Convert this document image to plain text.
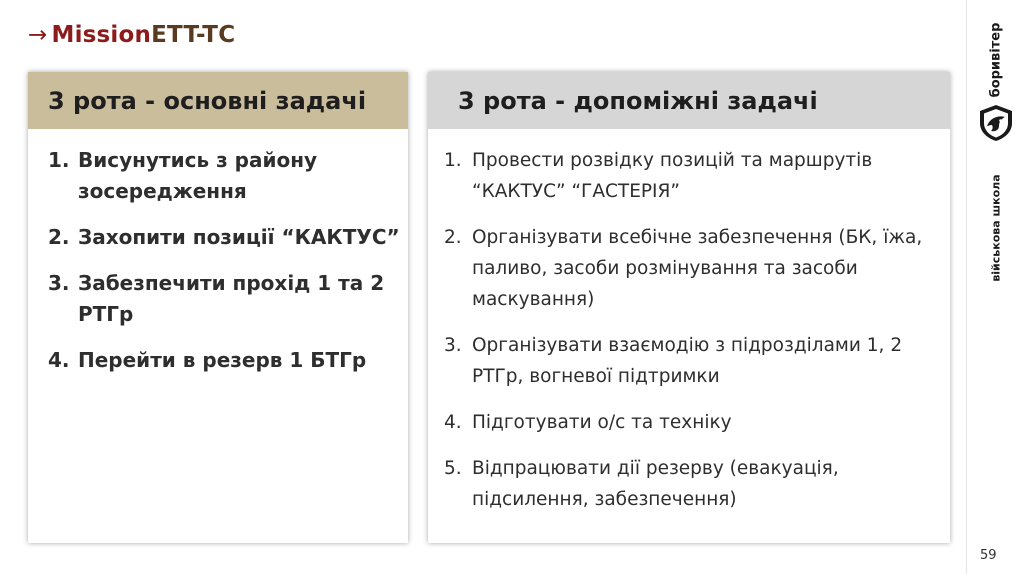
→ MissionETT-TC
3 рота - основні задачі
1. Висунутись з району зосередження
2. Захопити позиції “КАКТУС”
3. Забезпечити прохід 1 та 2 РТГр
4. Перейти в резерв 1 БТГр
3 рота - допоміжні задачі
1. Провести розвідку позицій та маршрутів “КАКТУС” “ГАСТЕРІЯ”
2. Організувати всебічне забезпечення (БК, їжа, паливо, засоби розмінування та засоби маскування)
3. Організувати взаємодію з підрозділами 1, 2 РТГр, вогневої підтримки
4. Підготувати о/с та техніку
5. Відпрацювати дії резерву (евакуація, підсилення, забезпечення)
боривітер
військова школа
59
